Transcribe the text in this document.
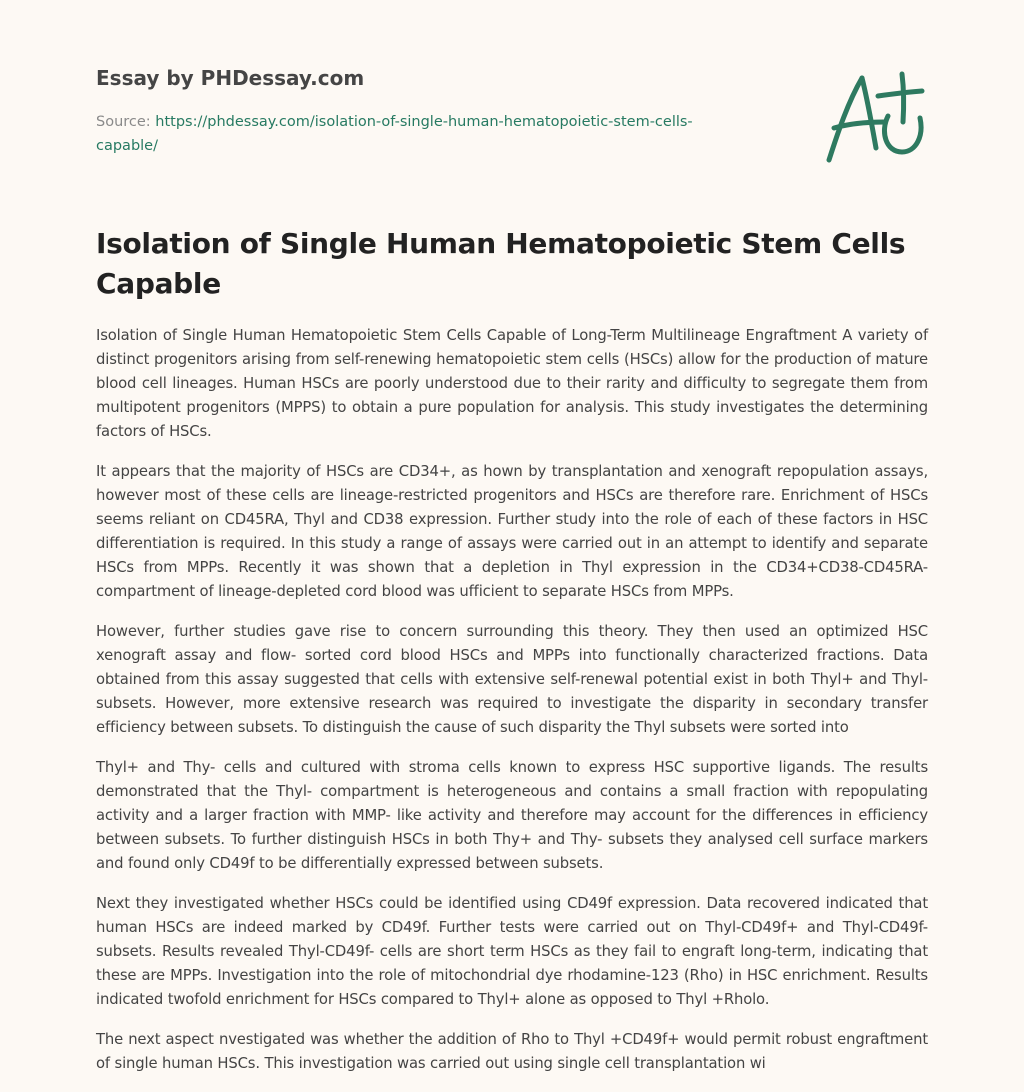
Essay by PHDessay.com
Source: https://phdessay.com/isolation-of-single-human-hematopoietic-stem-cells-capable/
Isolation of Single Human Hematopoietic Stem Cells Capable

Isolation of Single Human Hematopoietic Stem Cells Capable of Long-Term Multilineage Engraftment A variety of distinct progenitors arising from self-renewing hematopoietic stem cells (HSCs) allow for the production of mature blood cell lineages. Human HSCs are poorly understood due to their rarity and difficulty to segregate them from multipotent progenitors (MPPS) to obtain a pure population for analysis. This study investigates the determining factors of HSCs.

It appears that the majority of HSCs are CD34+, as hown by transplantation and xenograft repopulation assays, however most of these cells are lineage-restricted progenitors and HSCs are therefore rare. Enrichment of HSCs seems reliant on CD45RA, Thyl and CD38 expression. Further study into the role of each of these factors in HSC differentiation is required. In this study a range of assays were carried out in an attempt to identify and separate HSCs from MPPs. Recently it was shown that a depletion in Thyl expression in the CD34+CD38-CD45RA-compartment of lineage-depleted cord blood was ufficient to separate HSCs from MPPs.

However, further studies gave rise to concern surrounding this theory. They then used an optimized HSC xenograft assay and flow- sorted cord blood HSCs and MPPs into functionally characterized fractions. Data obtained from this assay suggested that cells with extensive self-renewal potential exist in both Thyl+ and Thyl-subsets. However, more extensive research was required to investigate the disparity in secondary transfer efficiency between subsets. To distinguish the cause of such disparity the Thyl subsets were sorted into

Thyl+ and Thy- cells and cultured with stroma cells known to express HSC supportive ligands. The results demonstrated that the Thyl- compartment is heterogeneous and contains a small fraction with repopulating activity and a larger fraction with MMP- like activity and therefore may account for the differences in efficiency between subsets. To further distinguish HSCs in both Thy+ and Thy- subsets they analysed cell surface markers and found only CD49f to be differentially expressed between subsets.

Next they investigated whether HSCs could be identified using CD49f expression. Data recovered indicated that human HSCs are indeed marked by CD49f. Further tests were carried out on Thyl-CD49f+ and Thyl-CD49f-subsets. Results revealed Thyl-CD49f- cells are short term HSCs as they fail to engraft long-term, indicating that these are MPPs. Investigation into the role of mitochondrial dye rhodamine-123 (Rho) in HSC enrichment. Results indicated twofold enrichment for HSCs compared to Thyl+ alone as opposed to Thyl +Rholo.

The next aspect nvestigated was whether the addition of Rho to Thyl +CD49f+ would permit robust engraftment of single human HSCs. This investigation was carried out using single cell transplantation wi
